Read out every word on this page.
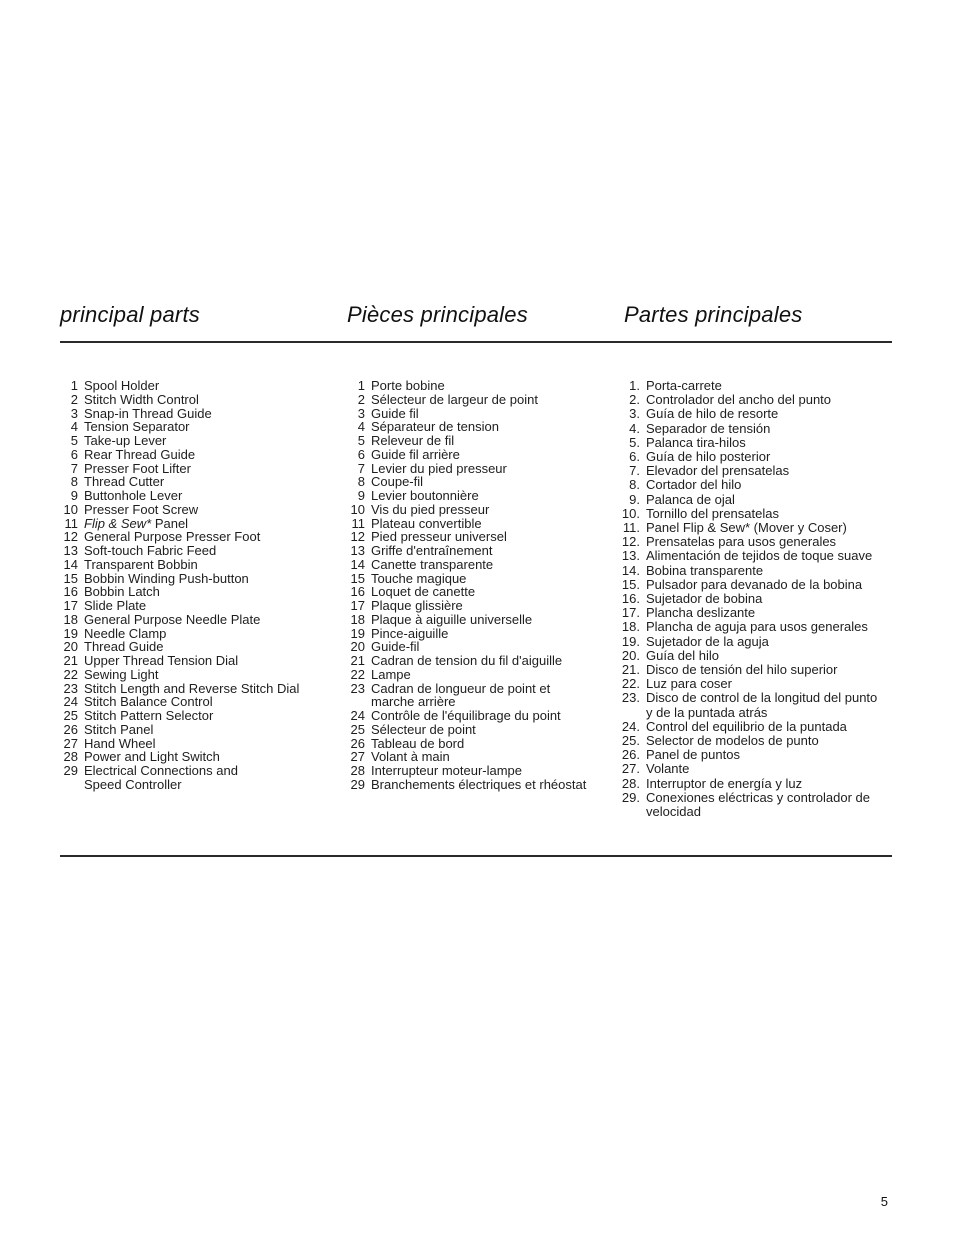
principal parts	Pièces principales	Partes principales
1 Spool Holder
2 Stitch Width Control
3 Snap-in Thread Guide
4 Tension Separator
5 Take-up Lever
6 Rear Thread Guide
7 Presser Foot Lifter
8 Thread Cutter
9 Buttonhole Lever
10 Presser Foot Screw
11 Flip & Sew* Panel
12 General Purpose Presser Foot
13 Soft-touch Fabric Feed
14 Transparent Bobbin
15 Bobbin Winding Push-button
16 Bobbin Latch
17 Slide Plate
18 General Purpose Needle Plate
19 Needle Clamp
20 Thread Guide
21 Upper Thread Tension Dial
22 Sewing Light
23 Stitch Length and Reverse Stitch Dial
24 Stitch Balance Control
25 Stitch Pattern Selector
26 Stitch Panel
27 Hand Wheel
28 Power and Light Switch
29 Electrical Connections and
Speed Controller
1 Porte bobine
2 Sélecteur de largeur de point
3 Guide fil
4 Séparateur de tension
5 Releveur de fil
6 Guide fil arrière
7 Levier du pied presseur
8 Coupe-fil
9 Levier boutonnière
10 Vis du pied presseur
11 Plateau convertible
12 Pied presseur universel
13 Griffe d'entraînement
14 Canette transparente
15 Touche magique
16 Loquet de canette
17 Plaque glissière
18 Plaque à aiguille universelle
19 Pince-aiguille
20 Guide-fil
21 Cadran de tension du fil d'aiguille
22 Lampe
23 Cadran de longueur de point et
marche arrière
24 Contrôle de l'équilibrage du point
25 Sélecteur de point
26 Tableau de bord
27 Volant à main
28 Interrupteur moteur-lampe
29 Branchements électriques et rhéostat
1. Porta-carrete
2. Controlador del ancho del punto
3. Guía de hilo de resorte
4. Separador de tensión
5. Palanca tira-hilos
6. Guía de hilo posterior
7. Elevador del prensatelas
8. Cortador del hilo
9. Palanca de ojal
10. Tornillo del prensatelas
11. Panel Flip & Sew* (Mover y Coser)
12. Prensatelas para usos generales
13. Alimentación de tejidos de toque suave
14. Bobina transparente
15. Pulsador para devanado de la bobina
16. Sujetador de bobina
17. Plancha deslizante
18. Plancha de aguja para usos generales
19. Sujetador de la aguja
20. Guía del hilo
21. Disco de tensión del hilo superior
22. Luz para coser
23. Disco de control de la longitud del punto
y de la puntada atrás
24. Control del equilibrio de la puntada
25. Selector de modelos de punto
26. Panel de puntos
27. Volante
28. Interruptor de energía y luz
29. Conexiones eléctricas y controlador de
velocidad
5
